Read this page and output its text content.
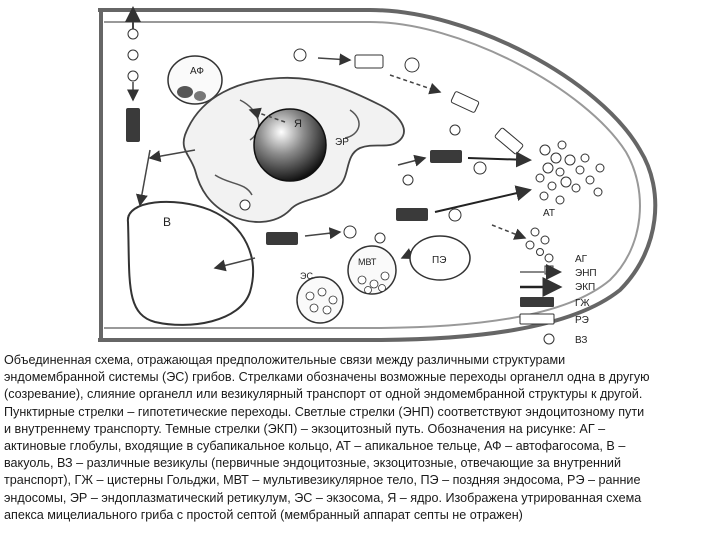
АФ
В
ЭР
Я
АТ
МВТ	ПЭ
ЭС
АГ
ЭНП
ЭКП
ГЖ
РЭ
ВЗ
Объединенная схема, отражающая предположительные связи между различными структурами
эндомембранной системы (ЭС) грибов. Стрелками обозначены возможные переходы органелл одна в другую
(созревание), слияние органелл или везикулярный транспорт от одной эндомембранной структуры к другой.
Пунктирные стрелки – гипотетические переходы. Светлые стрелки (ЭНП) соответствуют эндоцитозному пути
и внутреннему транспорту. Темные стрелки (ЭКП) – экзоцитозный путь. Обозначения на рисунке: АГ –
актиновые глобулы, входящие в субапикальное кольцо, АТ – апикальное тельце, АФ – автофагосома, В –
вакуоль, ВЗ – различные везикулы (первичные эндоцитозные, экзоцитозные, отвечающие за внутренний
транспорт), ГЖ – цистерны Гольджи, МВТ – мультивезикулярное тело, ПЭ – поздняя эндосома, РЭ – ранние
эндосомы, ЭР – эндоплазматический ретикулум, ЭС – экзосома, Я – ядро. Изображена утрированная схема
апекса мицелиального гриба с простой септой (мембранный аппарат септы не отражен)
